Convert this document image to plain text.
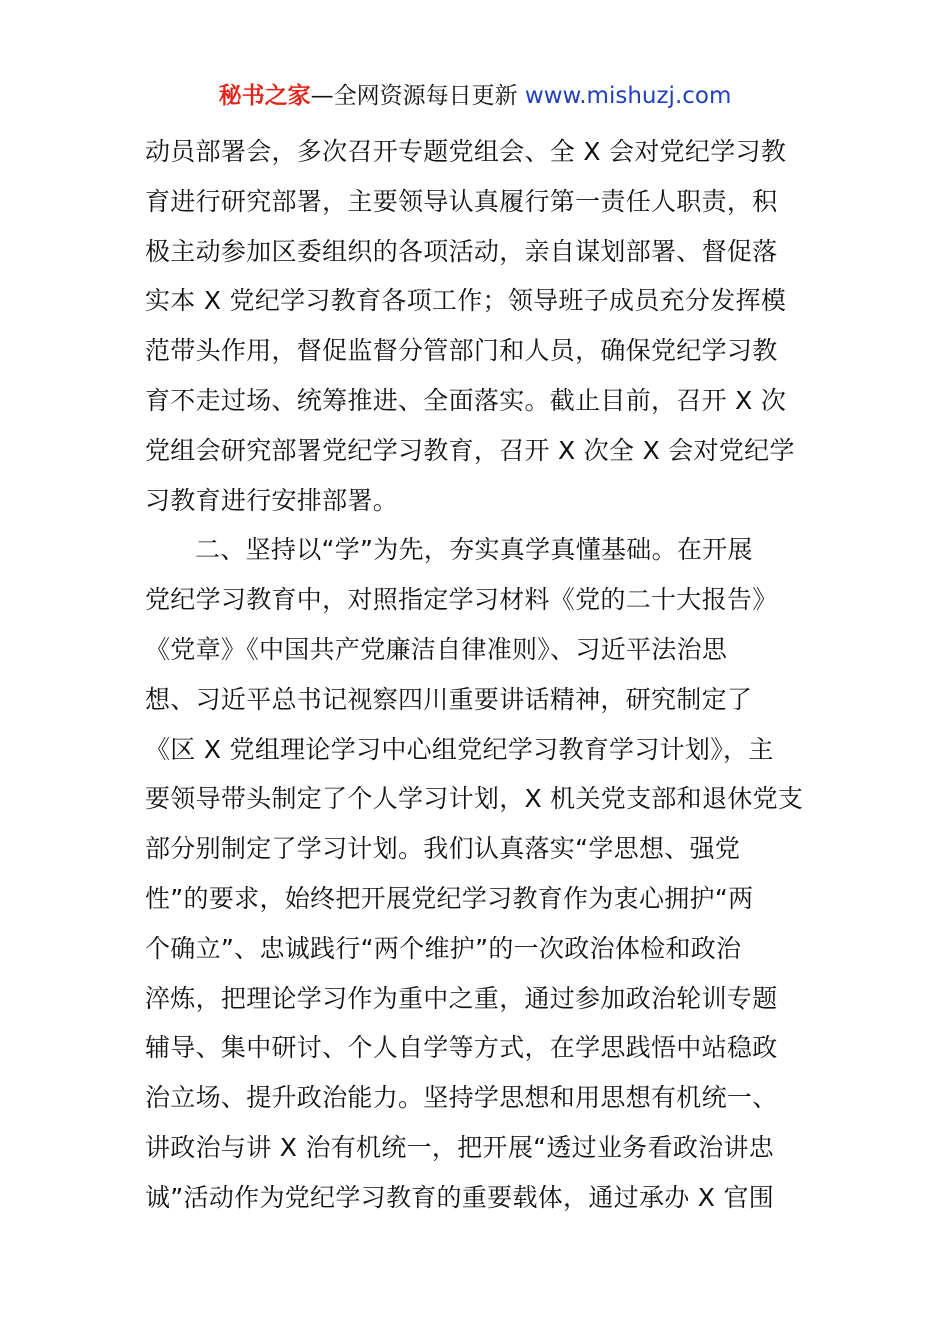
秘书之家—全网资源每日更新 www.mishuzj.com
动员部署会，多次召开专题党组会、全 X 会对党纪学习教
育进行研究部署，主要领导认真履行第一责任人职责，积
极主动参加区委组织的各项活动，亲自谋划部署、督促落
实本 X 党纪学习教育各项工作；领导班子成员充分发挥模
范带头作用，督促监督分管部门和人员，确保党纪学习教
育不走过场、统筹推进、全面落实。截止目前，召开 X 次
党组会研究部署党纪学习教育，召开 X 次全 X 会对党纪学
习教育进行安排部署。
二、坚持以“学”为先，夯实真学真懂基础。在开展
党纪学习教育中，对照指定学习材料《党的二十大报告》
《党章》《中国共产党廉洁自律准则》、习近平法治思
想、习近平总书记视察四川重要讲话精神，研究制定了
《区 X 党组理论学习中心组党纪学习教育学习计划》，主
要领导带头制定了个人学习计划，X 机关党支部和退休党支
部分别制定了学习计划。我们认真落实“学思想、强党
性”的要求，始终把开展党纪学习教育作为衷心拥护“两
个确立”、忠诚践行“两个维护”的一次政治体检和政治
淬炼，把理论学习作为重中之重，通过参加政治轮训专题
辅导、集中研讨、个人自学等方式，在学思践悟中站稳政
治立场、提升政治能力。坚持学思想和用思想有机统一、
讲政治与讲 X 治有机统一，把开展“透过业务看政治讲忠
诚”活动作为党纪学习教育的重要载体，通过承办 X 官围
